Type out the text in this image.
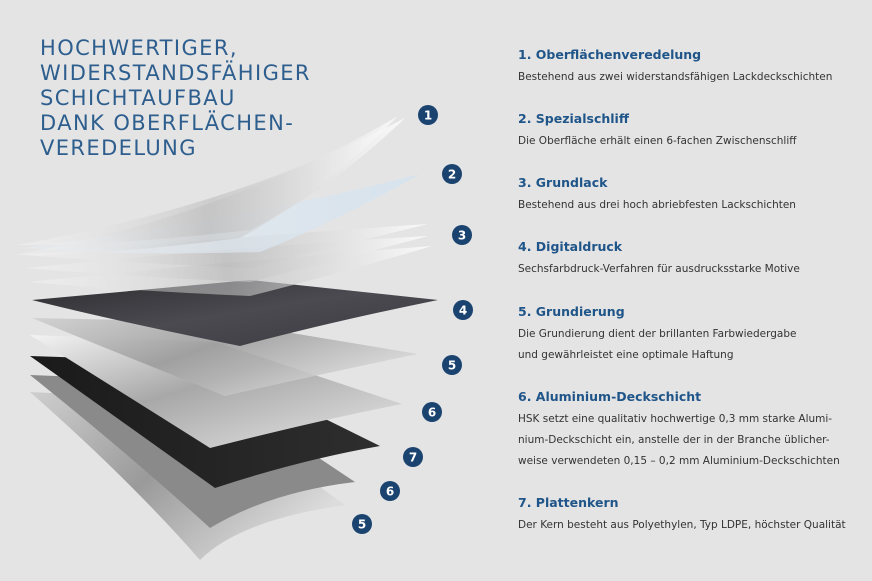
HOCHWERTIGER,
WIDERSTANDSFÄHIGER
SCHICHTAUFBAU
DANK OBERFLÄCHEN-
VEREDELUNG
1
2
3
4
5
6
7
6
5

1. Oberflächenveredelung

Bestehend aus zwei widerstandsfähigen Lackdeckschichten

2. Spezialschliff

Die Oberfläche erhält einen 6-fachen Zwischenschliff

3. Grundlack

Bestehend aus drei hoch abriebfesten Lackschichten

4. Digitaldruck

Sechsfarbdruck-Verfahren für ausdrucksstarke Motive

5. Grundierung

Die Grundierung dient der brillanten Farbwiedergabe
und gewährleistet eine optimale Haftung

6. Aluminium-Deckschicht

HSK setzt eine qualitativ hochwertige 0,3 mm starke Alumi-
nium-Deckschicht ein, anstelle der in der Branche üblicher-
weise verwendeten 0,15 – 0,2 mm Aluminium-Deckschichten

7. Plattenkern

Der Kern besteht aus Polyethylen, Typ LDPE, höchster Qualität
